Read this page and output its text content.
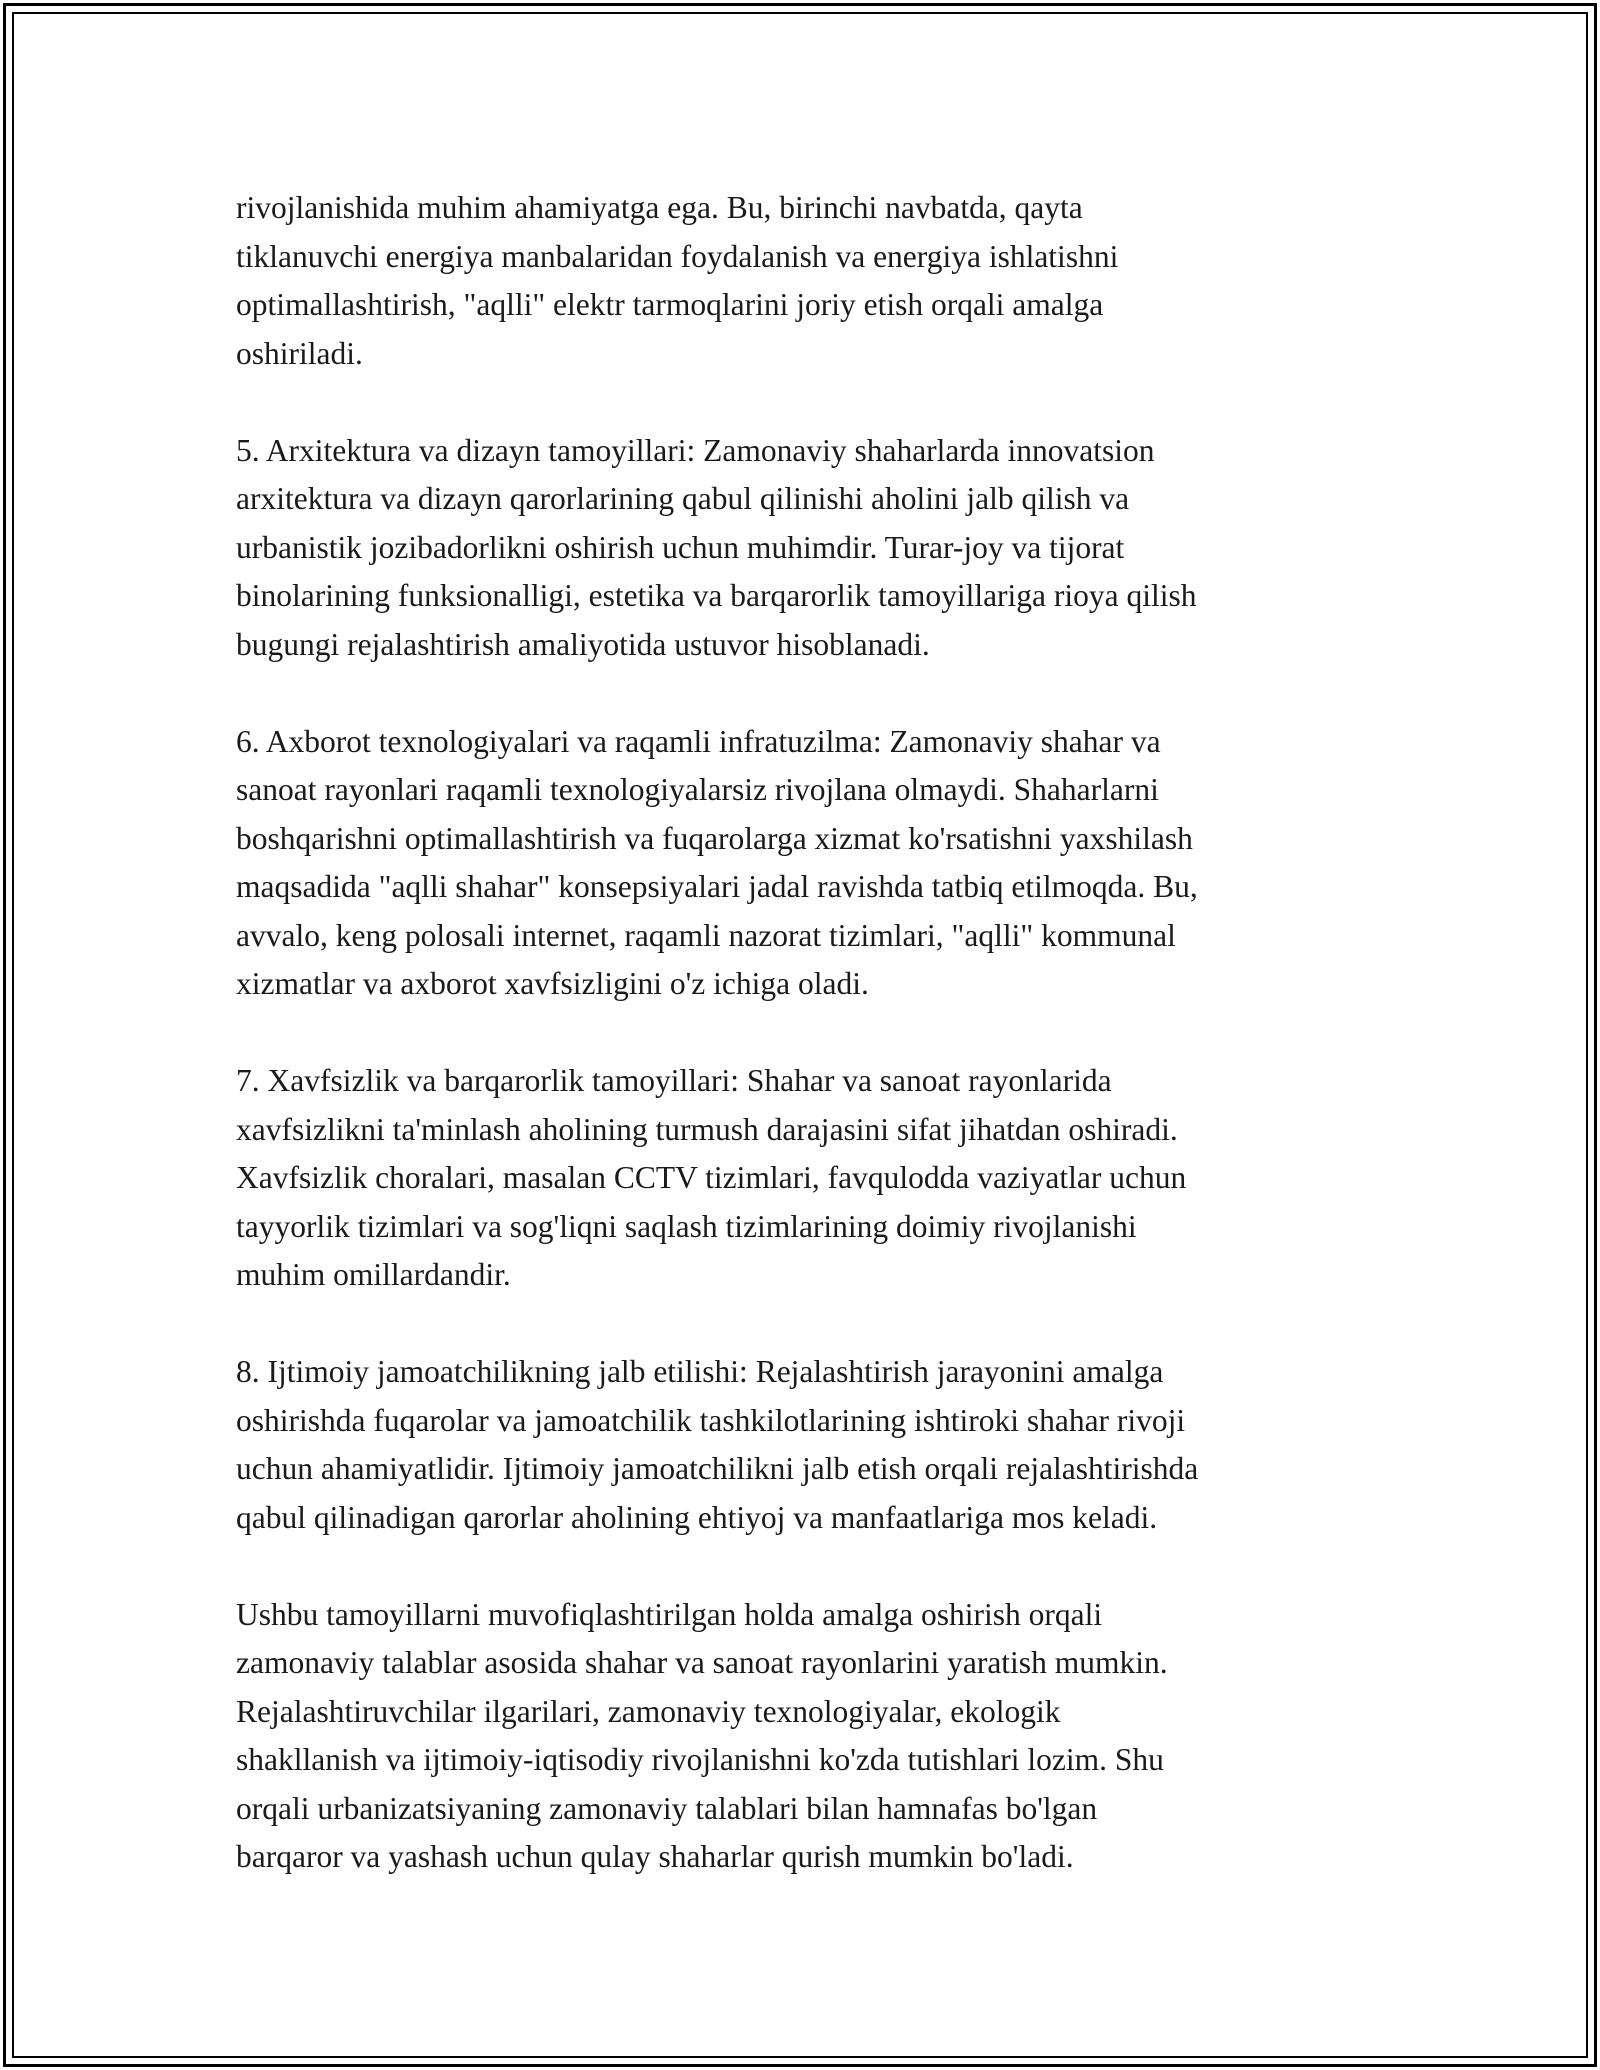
rivojlanishida muhim ahamiyatga ega. Bu, birinchi navbatda, qayta
tiklanuvchi energiya manbalaridan foydalanish va energiya ishlatishni
optimallashtirish, "aqlli" elektr tarmoqlarini joriy etish orqali amalga
oshiriladi.

5. Arxitektura va dizayn tamoyillari: Zamonaviy shaharlarda innovatsion
arxitektura va dizayn qarorlarining qabul qilinishi aholini jalb qilish va
urbanistik jozibadorlikni oshirish uchun muhimdir. Turar-joy va tijorat
binolarining funksionalligi, estetika va barqarorlik tamoyillariga rioya qilish
bugungi rejalashtirish amaliyotida ustuvor hisoblanadi.

6. Axborot texnologiyalari va raqamli infratuzilma: Zamonaviy shahar va
sanoat rayonlari raqamli texnologiyalarsiz rivojlana olmaydi. Shaharlarni
boshqarishni optimallashtirish va fuqarolarga xizmat ko'rsatishni yaxshilash
maqsadida "aqlli shahar" konsepsiyalari jadal ravishda tatbiq etilmoqda. Bu,
avvalo, keng polosali internet, raqamli nazorat tizimlari, "aqlli" kommunal
xizmatlar va axborot xavfsizligini o'z ichiga oladi.

7. Xavfsizlik va barqarorlik tamoyillari: Shahar va sanoat rayonlarida
xavfsizlikni ta'minlash aholining turmush darajasini sifat jihatdan oshiradi.
Xavfsizlik choralari, masalan CCTV tizimlari, favqulodda vaziyatlar uchun
tayyorlik tizimlari va sog'liqni saqlash tizimlarining doimiy rivojlanishi
muhim omillardandir.

8. Ijtimoiy jamoatchilikning jalb etilishi: Rejalashtirish jarayonini amalga
oshirishda fuqarolar va jamoatchilik tashkilotlarining ishtiroki shahar rivoji
uchun ahamiyatlidir. Ijtimoiy jamoatchilikni jalb etish orqali rejalashtirishda
qabul qilinadigan qarorlar aholining ehtiyoj va manfaatlariga mos keladi.

Ushbu tamoyillarni muvofiqlashtirilgan holda amalga oshirish orqali
zamonaviy talablar asosida shahar va sanoat rayonlarini yaratish mumkin.
Rejalashtiruvchilar ilgarilari, zamonaviy texnologiyalar, ekologik
shakllanish va ijtimoiy-iqtisodiy rivojlanishni ko'zda tutishlari lozim. Shu
orqali urbanizatsiyaning zamonaviy talablari bilan hamnafas bo'lgan
barqaror va yashash uchun qulay shaharlar qurish mumkin bo'ladi.
